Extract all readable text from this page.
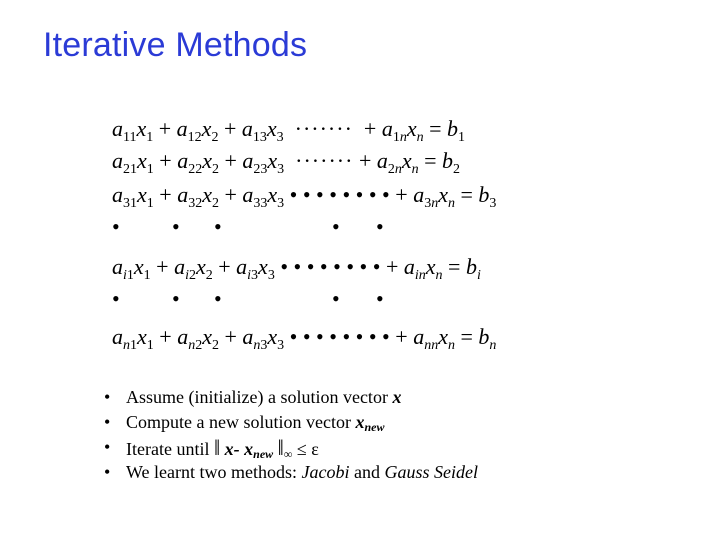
Iterative Methods
$a_{11}x_1 + a_{12}x_2 + a_{13}x_3$ ·······  + $a_{1n}x_n = b_1$
$a_{21}x_1 + a_{22}x_2 + a_{23}x_3$ ······· + $a_{2n}x_n = b_2$
$a_{31}x_1 + a_{32}x_2 + a_{33}x_3$ • • • • • • • • + $a_{3n}x_n = b_3$
• • •	• •
$a_{i1}x_1 + a_{i2}x_2 + a_{i3}x_3$ • • • • • • • • + $a_{in}x_n = b_i$
• • •	• •
$a_{n1}x_1 + a_{n2}x_2 + a_{n3}x_3$ • • • • • • • • + $a_{nn}x_n = b_n$
• Assume (initialize) a solution vector x
• Compute a new solution vector $x_{new}$
• Iterate until ‖ x- $x_{new}$ $‖_\infty \le \varepsilon$
• We learnt two methods: Jacobi and Gauss Seidel
